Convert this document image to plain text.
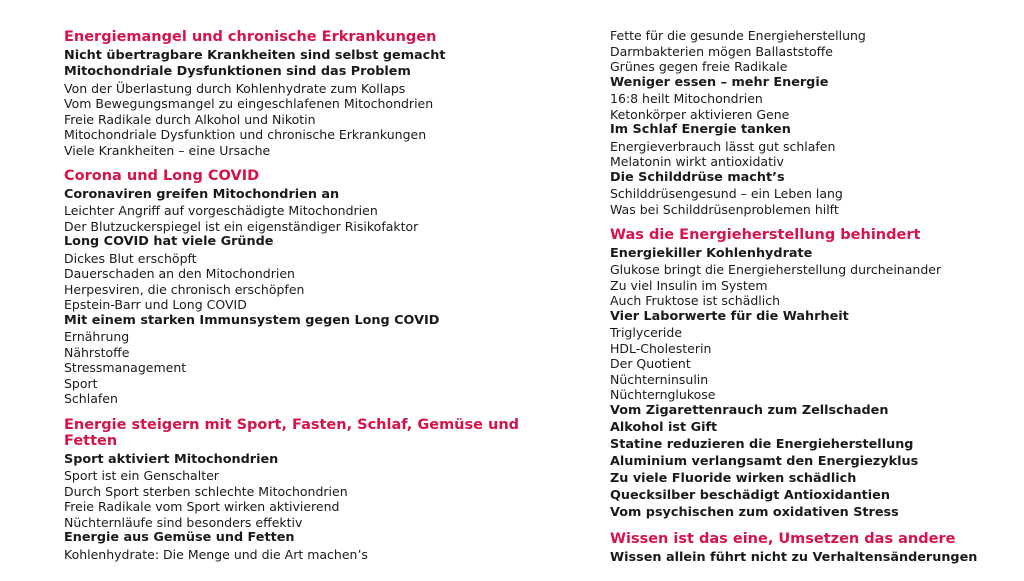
Energiemangel und chronische Erkrankungen
Nicht übertragbare Krankheiten sind selbst gemacht
Mitochondriale Dysfunktionen sind das Problem
Von der Überlastung durch Kohlenhydrate zum Kollaps
Vom Bewegungsmangel zu eingeschlafenen Mitochondrien
Freie Radikale durch Alkohol und Nikotin
Mitochondriale Dysfunktion und chronische Erkrankungen
Viele Krankheiten – eine Ursache
Corona und Long COVID
Coronaviren greifen Mitochondrien an
Leichter Angriff auf vorgeschädigte Mitochondrien
Der Blutzuckerspiegel ist ein eigenständiger Risikofaktor
Long COVID hat viele Gründe
Dickes Blut erschöpft
Dauerschaden an den Mitochondrien
Herpesviren, die chronisch erschöpfen
Epstein-Barr und Long COVID
Mit einem starken Immunsystem gegen Long COVID
Ernährung
Nährstoffe
Stressmanagement
Sport
Schlafen
Energie steigern mit Sport, Fasten, Schlaf, Gemüse und Fetten
Sport aktiviert Mitochondrien
Sport ist ein Genschalter
Durch Sport sterben schlechte Mitochondrien
Freie Radikale vom Sport wirken aktivierend
Nüchternläufe sind besonders effektiv
Energie aus Gemüse und Fetten
Kohlenhydrate: Die Menge und die Art machen’s
Fette für die gesunde Energieherstellung
Darmbakterien mögen Ballaststoffe
Grünes gegen freie Radikale
Weniger essen – mehr Energie
16:8 heilt Mitochondrien
Ketonkörper aktivieren Gene
Im Schlaf Energie tanken
Energieverbrauch lässt gut schlafen
Melatonin wirkt antioxidativ
Die Schilddrüse macht’s
Schilddrüsengesund – ein Leben lang
Was bei Schilddrüsenproblemen hilft
Was die Energieherstellung behindert
Energiekiller Kohlenhydrate
Glukose bringt die Energieherstellung durcheinander
Zu viel Insulin im System
Auch Fruktose ist schädlich
Vier Laborwerte für die Wahrheit
Triglyceride
HDL-Cholesterin
Der Quotient
Nüchterninsulin
Nüchternglukose
Vom Zigarettenrauch zum Zellschaden
Alkohol ist Gift
Statine reduzieren die Energieherstellung
Aluminium verlangsamt den Energiezyklus
Zu viele Fluoride wirken schädlich
Quecksilber beschädigt Antioxidantien
Vom psychischen zum oxidativen Stress
Wissen ist das eine, Umsetzen das andere
Wissen allein führt nicht zu Verhaltensänderungen
